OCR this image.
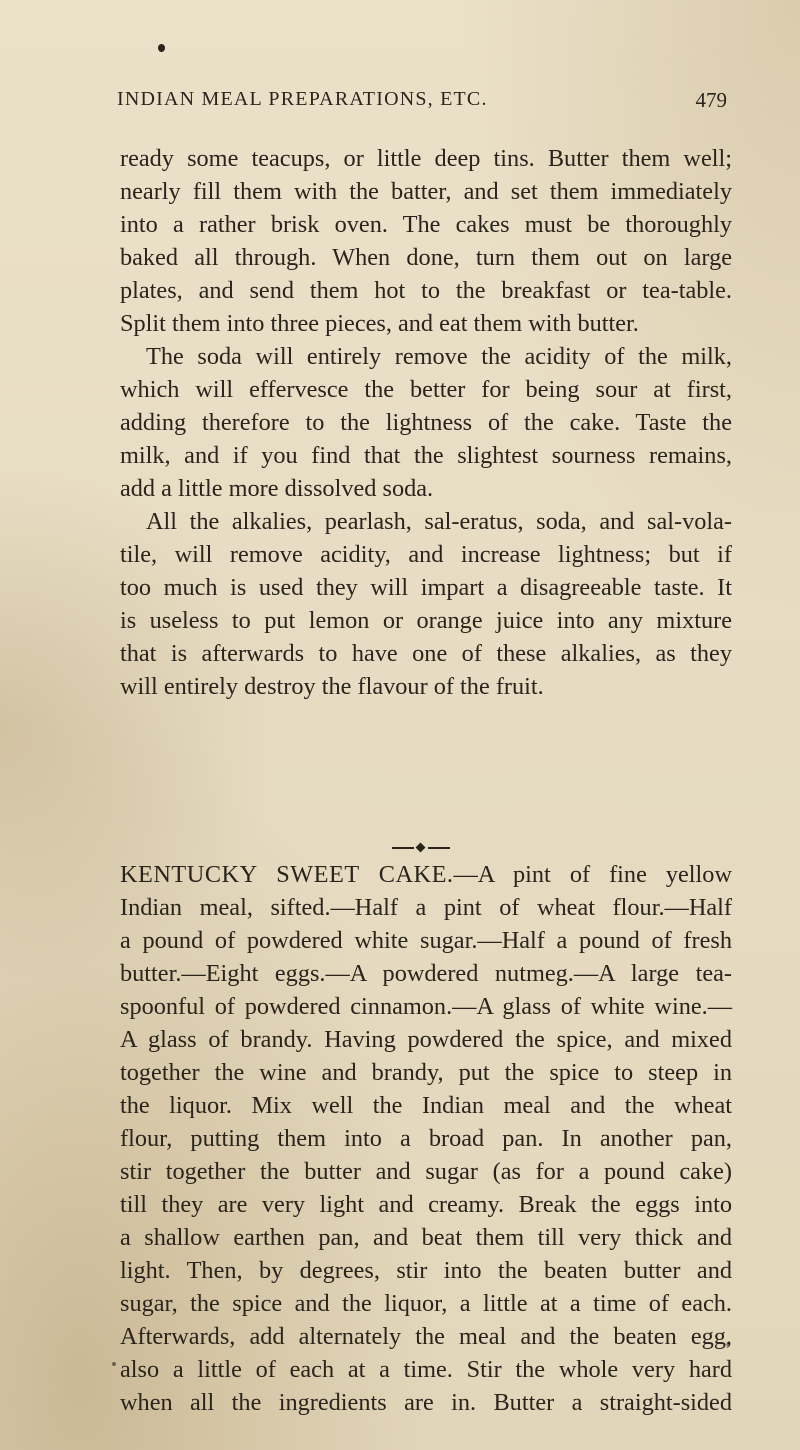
INDIAN MEAL PREPARATIONS, ETC.	479
ready some teacups, or little deep tins. Butter them well;
nearly fill them with the batter, and set them immediately
into a rather brisk oven. The cakes must be thoroughly
baked all through. When done, turn them out on large
plates, and send them hot to the breakfast or tea-table.
Split them into three pieces, and eat them with butter.
The soda will entirely remove the acidity of the milk,
which will effervesce the better for being sour at first,
adding therefore to the lightness of the cake. Taste the
milk, and if you find that the slightest sourness remains,
add a little more dissolved soda.
All the alkalies, pearlash, sal-eratus, soda, and sal-vola-
tile, will remove acidity, and increase lightness; but if
too much is used they will impart a disagreeable taste. It
is useless to put lemon or orange juice into any mixture
that is afterwards to have one of these alkalies, as they
will entirely destroy the flavour of the fruit.
KENTUCKY SWEET CAKE.—A pint of fine yellow
Indian meal, sifted.—Half a pint of wheat flour.—Half
a pound of powdered white sugar.—Half a pound of fresh
butter.—Eight eggs.—A powdered nutmeg.—A large tea-
spoonful of powdered cinnamon.—A glass of white wine.—
A glass of brandy. Having powdered the spice, and mixed
together the wine and brandy, put the spice to steep in
the liquor. Mix well the Indian meal and the wheat
flour, putting them into a broad pan. In another pan,
stir together the butter and sugar (as for a pound cake)
till they are very light and creamy. Break the eggs into
a shallow earthen pan, and beat them till very thick and
light. Then, by degrees, stir into the beaten butter and
sugar, the spice and the liquor, a little at a time of each.
Afterwards, add alternately the meal and the beaten egg,
also a little of each at a time. Stir the whole very hard
when all the ingredients are in. Butter a straight-sided
